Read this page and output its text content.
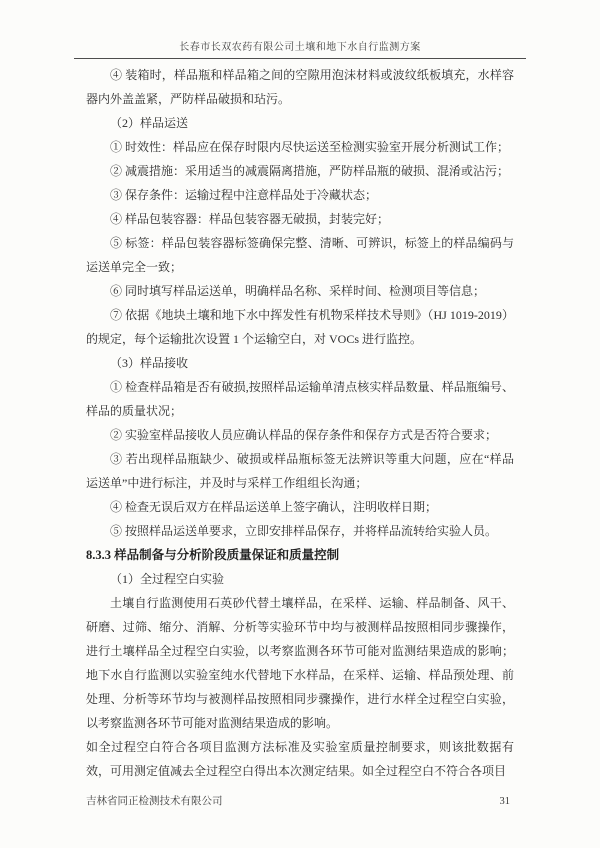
长春市长双农药有限公司土壤和地下水自行监测方案

④ 装箱时，样品瓶和样品箱之间的空隙用泡沫材料或波纹纸板填充，水样容器内外盖盖紧，严防样品破损和玷污。

（2）样品运送

① 时效性：样品应在保存时限内尽快运送至检测实验室开展分析测试工作；

② 减震措施：采用适当的减震隔离措施，严防样品瓶的破损、混淆或沾污；

③ 保存条件：运输过程中注意样品处于冷藏状态；

④ 样品包装容器：样品包装容器无破损，封装完好；

⑤ 标签：样品包装容器标签确保完整、清晰、可辨识，标签上的样品编码与运送单完全一致；

⑥ 同时填写样品运送单，明确样品名称、采样时间、检测项目等信息；

⑦ 依据《地块土壤和地下水中挥发性有机物采样技术导则》（HJ 1019-2019）的规定，每个运输批次设置 1 个运输空白，对 VOCs 进行监控。

（3）样品接收

① 检查样品箱是否有破损,按照样品运输单清点核实样品数量、样品瓶编号、样品的质量状况；

② 实验室样品接收人员应确认样品的保存条件和保存方式是否符合要求；

③ 若出现样品瓶缺少、破损或样品瓶标签无法辨识等重大问题，应在“样品运送单”中进行标注，并及时与采样工作组组长沟通；

④ 检查无误后双方在样品运送单上签字确认，注明收样日期；

⑤ 按照样品运送单要求，立即安排样品保存，并将样品流转给实验人员。

8.3.3 样品制备与分析阶段质量保证和质量控制

（1）全过程空白实验

土壤自行监测使用石英砂代替土壤样品，在采样、运输、样品制备、风干、研磨、过筛、缩分、消解、分析等实验环节中均与被测样品按照相同步骤操作，进行土壤样品全过程空白实验，以考察监测各环节可能对监测结果造成的影响；地下水自行监测以实验室纯水代替地下水样品，在采样、运输、样品预处理、前处理、分析等环节均与被测样品按照相同步骤操作，进行水样全过程空白实验，以考察监测各环节可能对监测结果造成的影响。

如全过程空白符合各项目监测方法标准及实验室质量控制要求，则该批数据有效，可用测定值减去全过程空白得出本次测定结果。如全过程空白不符合各项目

吉林省同正检测技术有限公司	31
